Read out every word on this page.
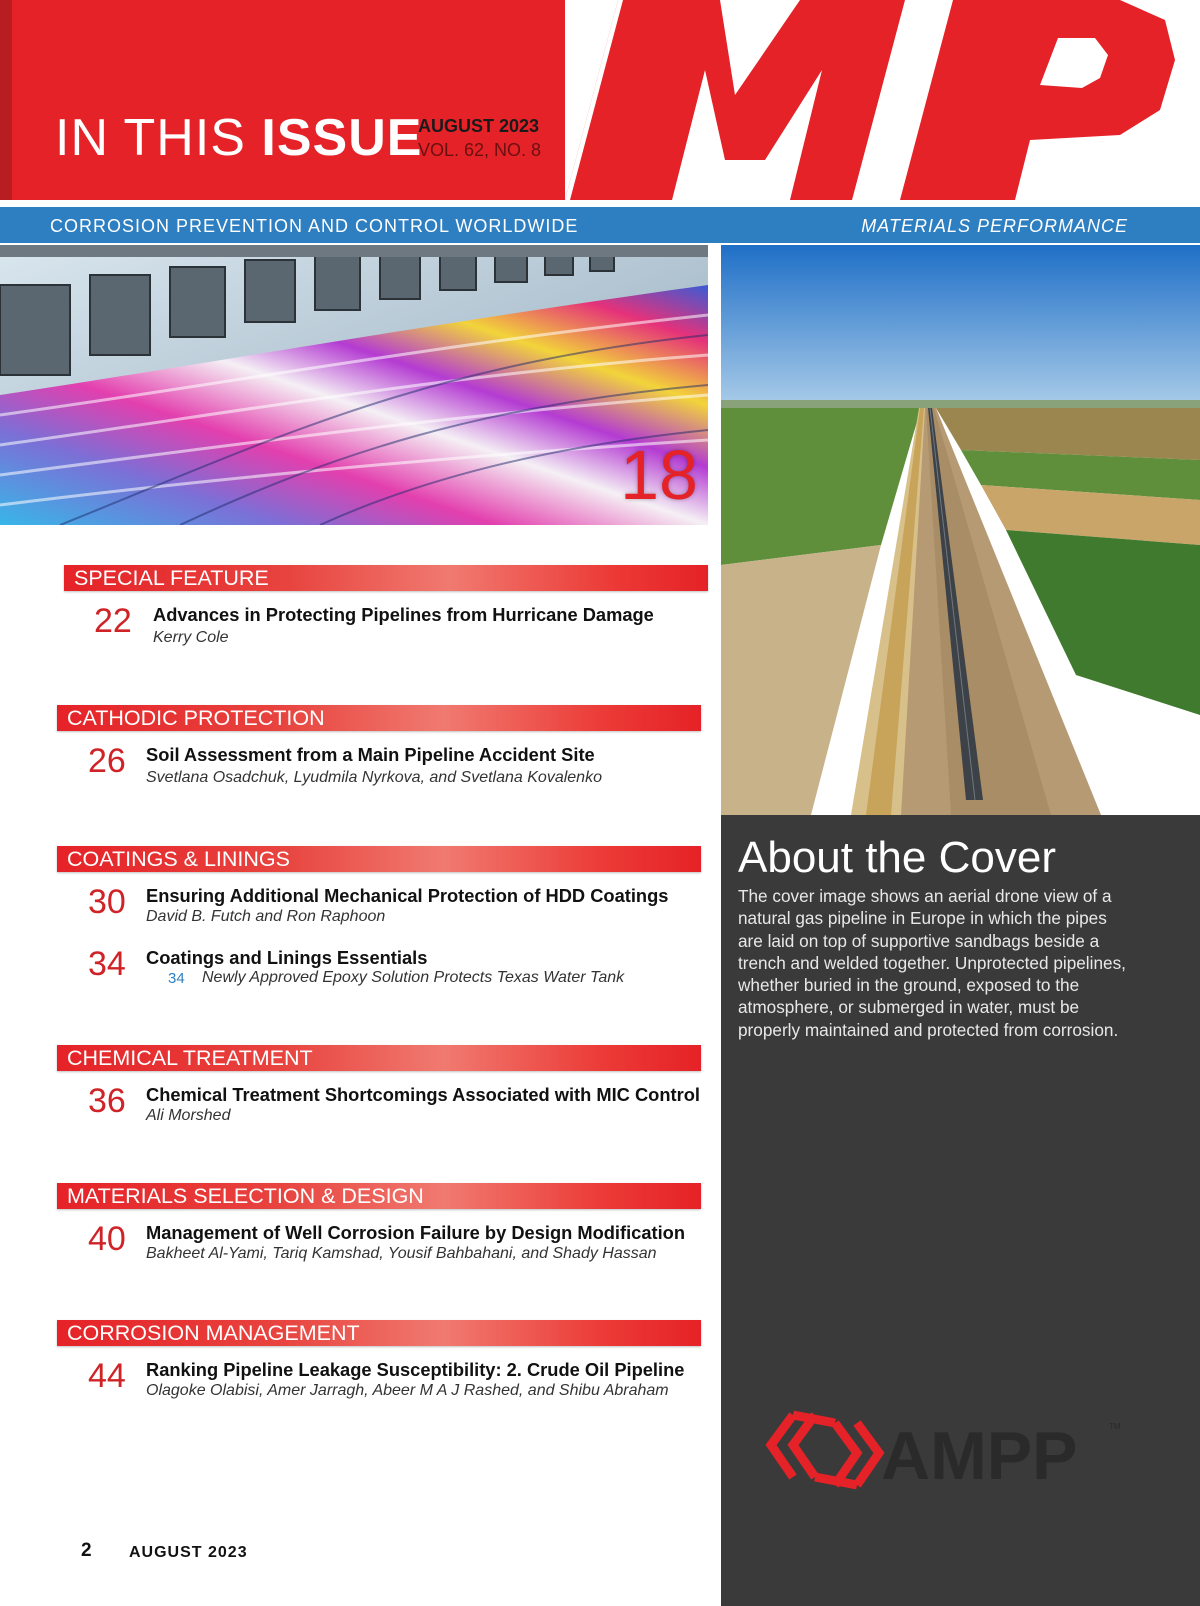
IN THIS ISSUE
AUGUST 2023
VOL. 62, NO. 8
CORROSION PREVENTION AND CONTROL WORLDWIDE	MATERIALS PERFORMANCE
18
About the Cover
The cover image shows an aerial drone view of a natural gas pipeline in Europe in which the pipes are laid on top of supportive sandbags beside a trench and welded together. Unprotected pipelines, whether buried in the ground, exposed to the atmosphere, or submerged in water, must be properly maintained and protected from corrosion.
AMPP	TM
SPECIAL FEATURE
22 Advances in Protecting Pipelines from Hurricane Damage
Kerry Cole
CATHODIC PROTECTION
26 Soil Assessment from a Main Pipeline Accident Site
Svetlana Osadchuk, Lyudmila Nyrkova, and Svetlana Kovalenko
COATINGS & LININGS
30 Ensuring Additional Mechanical Protection of HDD Coatings
David B. Futch and Ron Raphoon
34 Coatings and Linings Essentials
34 Newly Approved Epoxy Solution Protects Texas Water Tank
CHEMICAL TREATMENT
36 Chemical Treatment Shortcomings Associated with MIC Control
Ali Morshed
MATERIALS SELECTION & DESIGN
40 Management of Well Corrosion Failure by Design Modification
Bakheet Al-Yami, Tariq Kamshad, Yousif Bahbahani, and Shady Hassan
CORROSION MANAGEMENT
44 Ranking Pipeline Leakage Susceptibility: 2. Crude Oil Pipeline
Olagoke Olabisi, Amer Jarragh, Abeer M A J Rashed, and Shibu Abraham
2 AUGUST 2023
